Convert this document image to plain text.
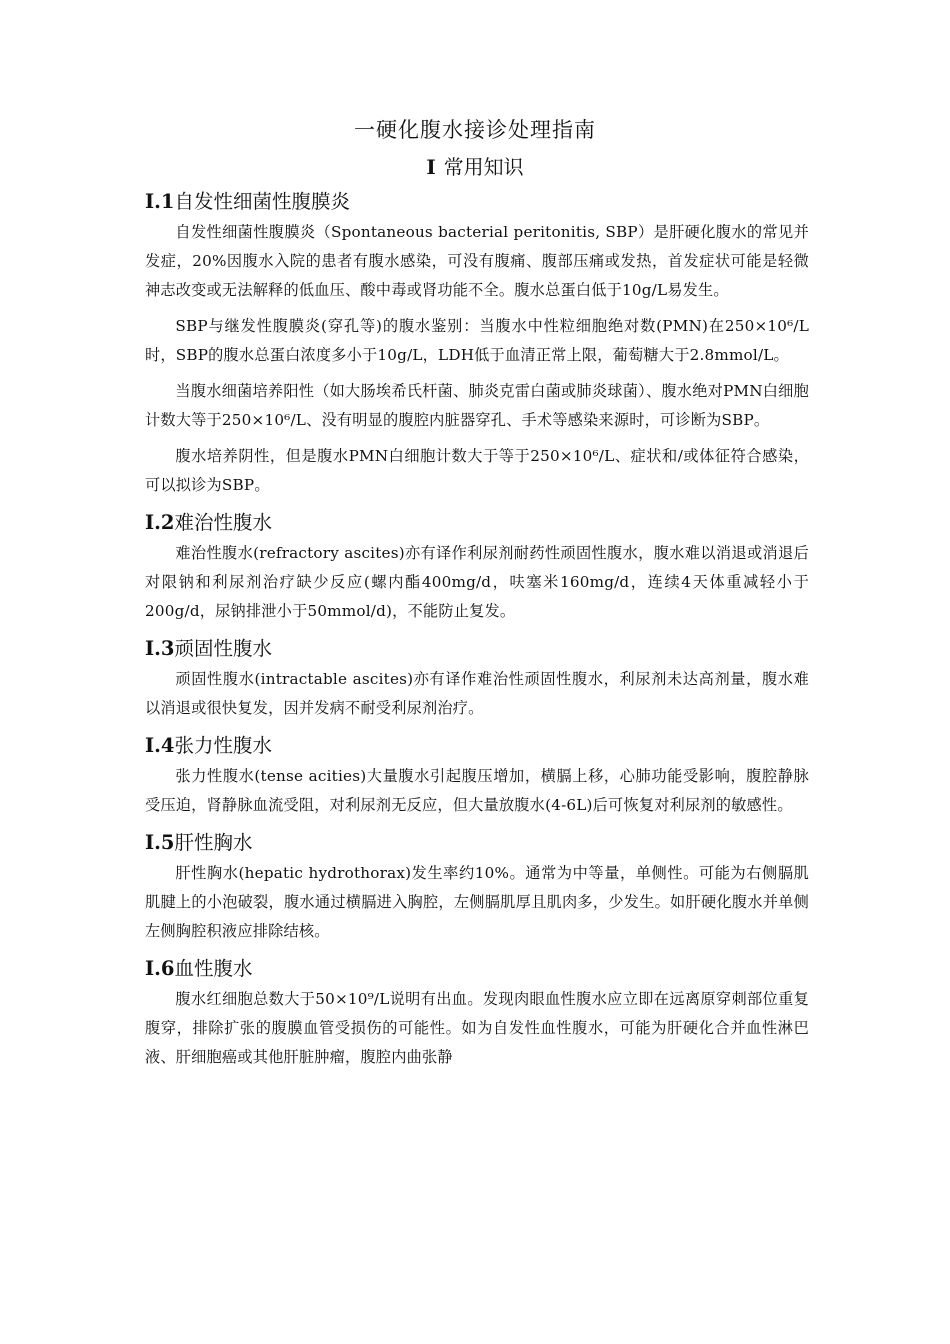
一硬化腹水接诊处理指南
I 常用知识
I.1自发性细菌性腹膜炎

自发性细菌性腹膜炎（Spontaneous bacterial peritonitis, SBP）是肝硬化腹水的常见并发症，20%因腹水入院的患者有腹水感染，可没有腹痛、腹部压痛或发热，首发症状可能是轻微神志改变或无法解释的低血压、酸中毒或肾功能不全。腹水总蛋白低于10g/L易发生。

SBP与继发性腹膜炎(穿孔等)的腹水鉴别：当腹水中性粒细胞绝对数(PMN)在250×10⁶/L时，SBP的腹水总蛋白浓度多小于10g/L，LDH低于血清正常上限，葡萄糖大于2.8mmol/L。

当腹水细菌培养阳性（如大肠埃希氏杆菌、肺炎克雷白菌或肺炎球菌）、腹水绝对PMN白细胞计数大等于250×10⁶/L、没有明显的腹腔内脏器穿孔、手术等感染来源时，可诊断为SBP。

腹水培养阴性，但是腹水PMN白细胞计数大于等于250×10⁶/L、症状和/或体征符合感染，可以拟诊为SBP。

I.2难治性腹水

难治性腹水(refractory ascites)亦有译作利尿剂耐药性顽固性腹水，腹水难以消退或消退后对限钠和利尿剂治疗缺少反应(螺内酯400mg/d，呋塞米160mg/d，连续4天体重减轻小于200g/d，尿钠排泄小于50mmol/d)，不能防止复发。

I.3顽固性腹水

顽固性腹水(intractable ascites)亦有译作难治性顽固性腹水，利尿剂未达高剂量，腹水难以消退或很快复发，因并发病不耐受利尿剂治疗。

I.4张力性腹水

张力性腹水(tense acities)大量腹水引起腹压增加，横膈上移，心肺功能受影响，腹腔静脉受压迫，肾静脉血流受阻，对利尿剂无反应，但大量放腹水(4-6L)后可恢复对利尿剂的敏感性。

I.5肝性胸水

肝性胸水(hepatic hydrothorax)发生率约10%。通常为中等量，单侧性。可能为右侧膈肌肌腱上的小泡破裂，腹水通过横膈进入胸腔，左侧膈肌厚且肌肉多，少发生。如肝硬化腹水并单侧左侧胸腔积液应排除结核。

I.6血性腹水

腹水红细胞总数大于50×10⁹/L说明有出血。发现肉眼血性腹水应立即在远离原穿刺部位重复腹穿，排除扩张的腹膜血管受损伤的可能性。如为自发性血性腹水，可能为肝硬化合并血性淋巴液、肝细胞癌或其他肝脏肿瘤，腹腔内曲张静
